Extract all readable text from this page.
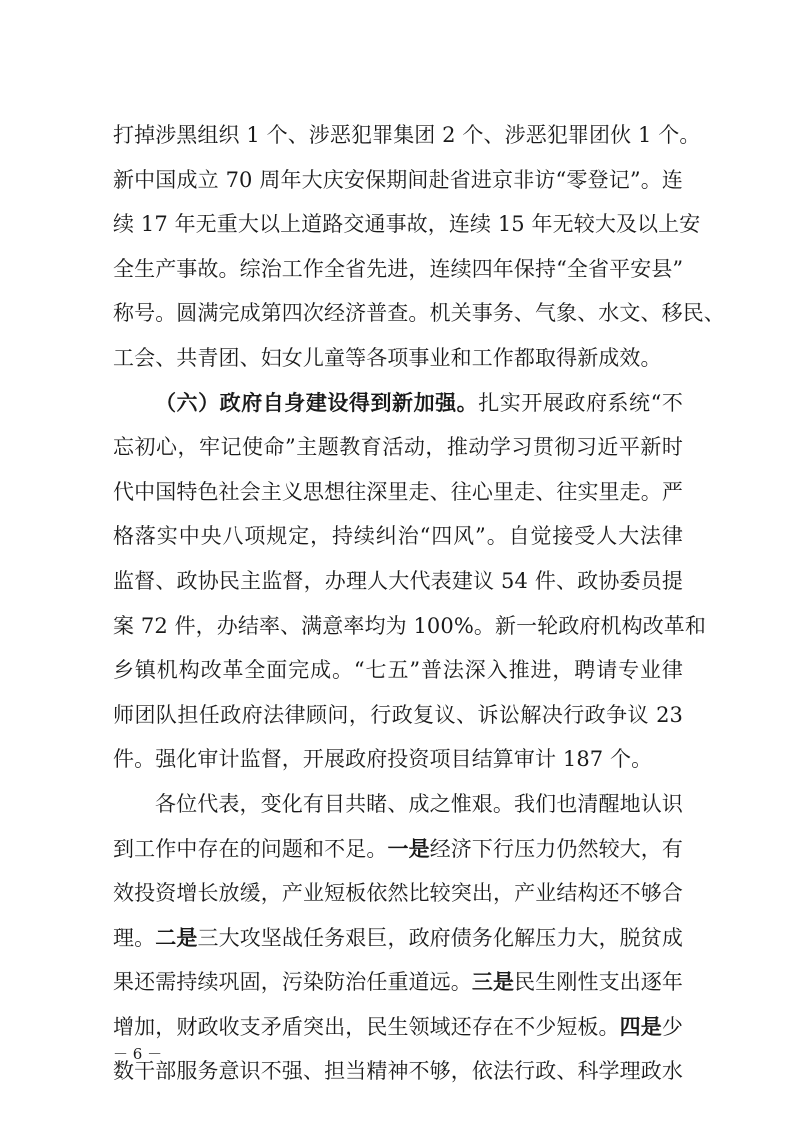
打掉涉黑组织 1 个、涉恶犯罪集团 2 个、涉恶犯罪团伙 1 个。
新中国成立 70 周年大庆安保期间赴省进京非访“零登记”。连
续 17 年无重大以上道路交通事故，连续 15 年无较大及以上安
全生产事故。综治工作全省先进，连续四年保持“全省平安县”
称号。圆满完成第四次经济普查。机关事务、气象、水文、移民、
工会、共青团、妇女儿童等各项事业和工作都取得新成效。
（六）政府自身建设得到新加强。扎实开展政府系统“不
忘初心，牢记使命”主题教育活动，推动学习贯彻习近平新时
代中国特色社会主义思想往深里走、往心里走、往实里走。严
格落实中央八项规定，持续纠治“四风”。自觉接受人大法律
监督、政协民主监督，办理人大代表建议 54 件、政协委员提
案 72 件，办结率、满意率均为 100%。新一轮政府机构改革和
乡镇机构改革全面完成。“七五”普法深入推进，聘请专业律
师团队担任政府法律顾问，行政复议、诉讼解决行政争议 23
件。强化审计监督，开展政府投资项目结算审计 187 个。
各位代表，变化有目共睹、成之惟艰。我们也清醒地认识
到工作中存在的问题和不足。一是经济下行压力仍然较大，有
效投资增长放缓，产业短板依然比较突出，产业结构还不够合
理。二是三大攻坚战任务艰巨，政府债务化解压力大，脱贫成
果还需持续巩固，污染防治任重道远。三是民生刚性支出逐年
增加，财政收支矛盾突出，民生领域还存在不少短板。四是少
数干部服务意识不强、担当精神不够，依法行政、科学理政水
－ 6 －
